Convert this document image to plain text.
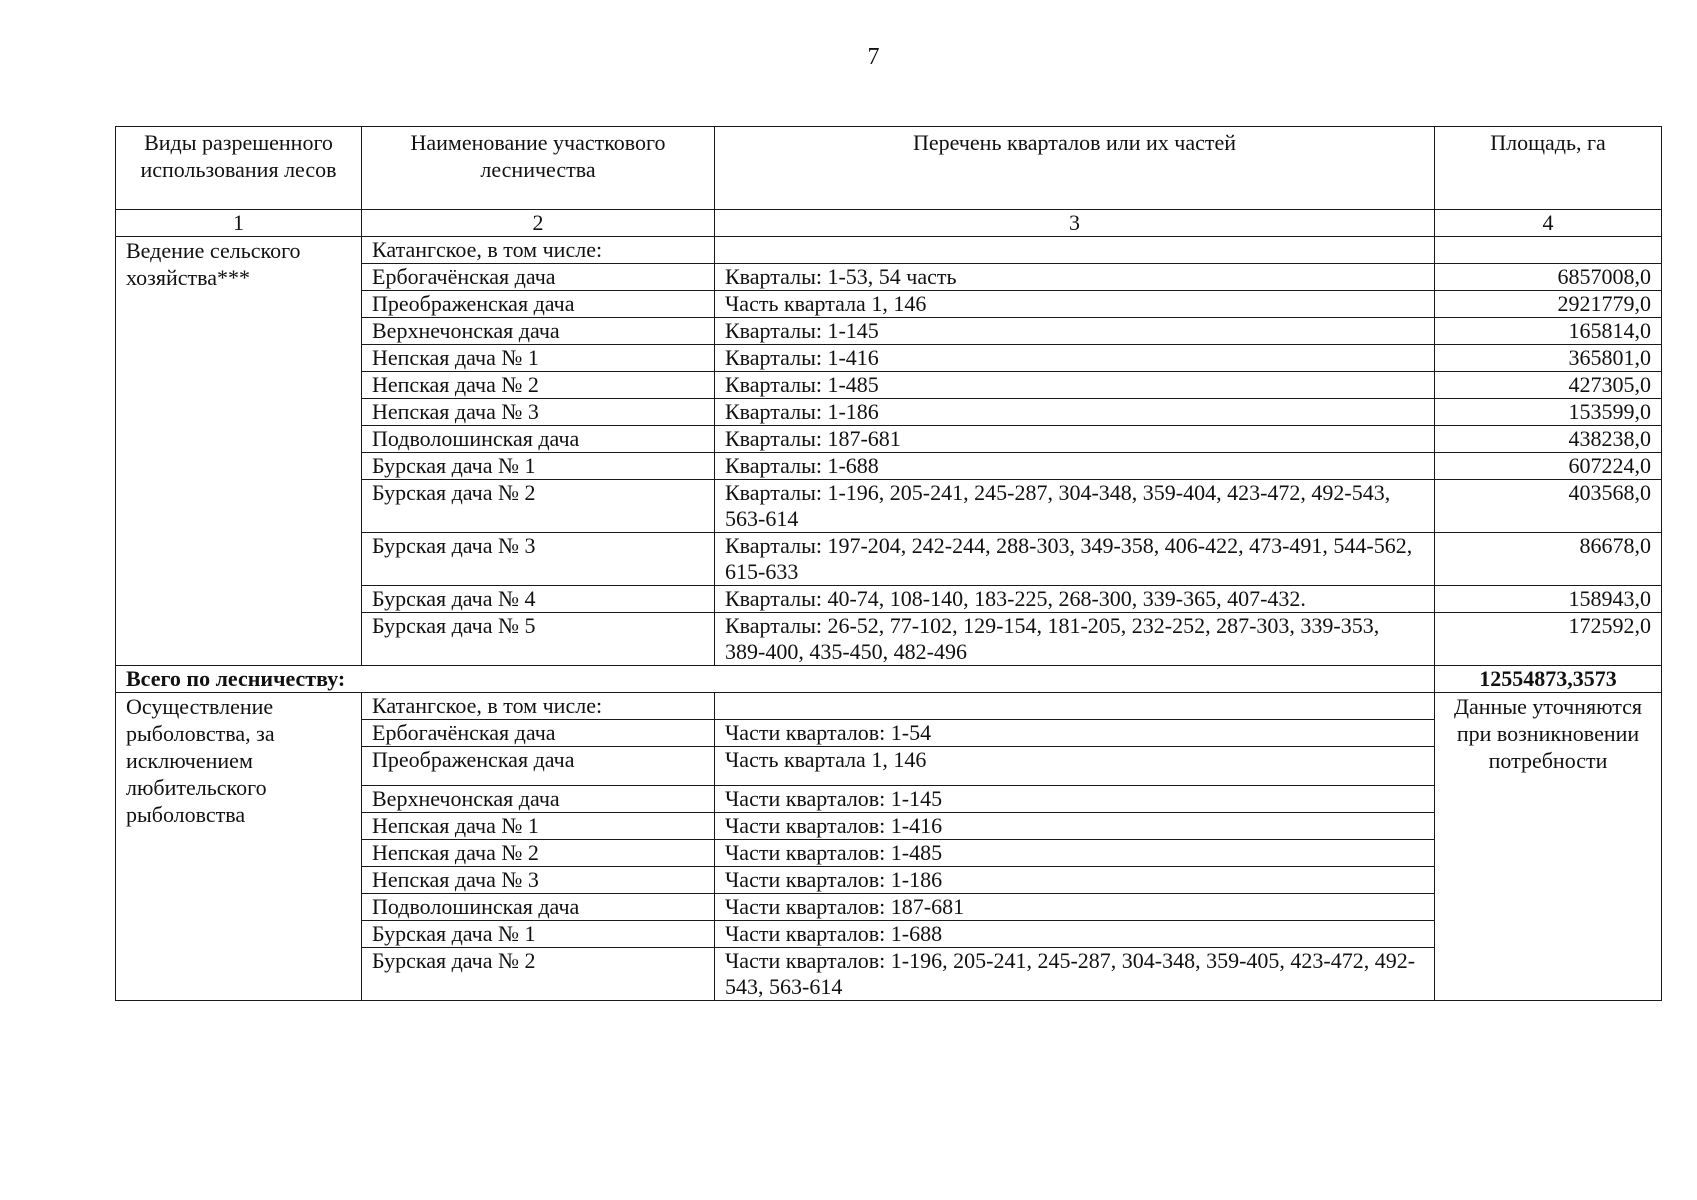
7
Виды разрешенного использования лесов	Наименование участкового лесничества	Перечень кварталов или их частей	Площадь, га
1	2	3	4
Ведение сельского хозяйства***	Катангское, в том числе:		
	Ербогачёнская дача	Кварталы: 1-53, 54 часть	6857008,0
	Преображенская дача	Часть квартала 1, 146	2921779,0
	Верхнечонская дача	Кварталы: 1-145	165814,0
	Непская дача № 1	Кварталы: 1-416	365801,0
	Непская дача № 2	Кварталы: 1-485	427305,0
	Непская дача № 3	Кварталы: 1-186	153599,0
	Подволошинская дача	Кварталы: 187-681	438238,0
	Бурская дача № 1	Кварталы: 1-688	607224,0
	Бурская дача № 2	Кварталы: 1-196, 205-241, 245-287, 304-348, 359-404, 423-472, 492-543, 563-614	403568,0
	Бурская дача № 3	Кварталы: 197-204, 242-244, 288-303, 349-358, 406-422, 473-491, 544-562, 615-633	86678,0
	Бурская дача № 4	Кварталы: 40-74, 108-140, 183-225, 268-300, 339-365, 407-432.	158943,0
	Бурская дача № 5	Кварталы: 26-52, 77-102, 129-154, 181-205, 232-252, 287-303, 339-353, 389-400, 435-450, 482-496	172592,0
Всего по лесничеству:			12554873,3573
Осуществление рыболовства, за исключением любительского рыболовства	Катангское, в том числе:		Данные уточняются при возникновении потребности
	Ербогачёнская дача	Части кварталов: 1-54	
	Преображенская дача	Часть квартала 1, 146	
	Верхнечонская дача	Части кварталов: 1-145	
	Непская дача № 1	Части кварталов: 1-416	
	Непская дача № 2	Части кварталов: 1-485	
	Непская дача № 3	Части кварталов: 1-186	
	Подволошинская дача	Части кварталов: 187-681	
	Бурская дача № 1	Части кварталов: 1-688	
	Бурская дача № 2	Части кварталов: 1-196, 205-241, 245-287, 304-348, 359-405, 423-472, 492-543, 563-614	
